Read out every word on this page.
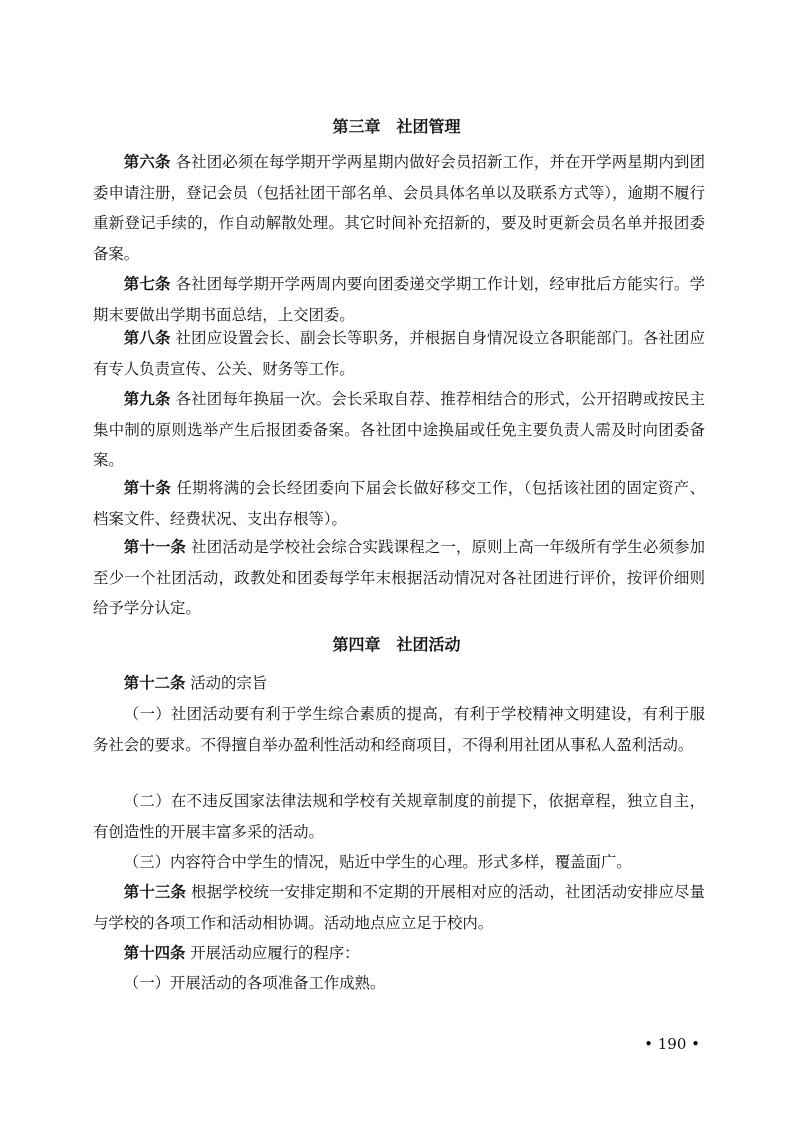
第三章　社团管理

第六条 各社团必须在每学期开学两星期内做好会员招新工作，并在开学两星期内到团委申请注册，登记会员（包括社团干部名单、会员具体名单以及联系方式等），逾期不履行重新登记手续的，作自动解散处理。其它时间补充招新的，要及时更新会员名单并报团委备案。

第七条 各社团每学期开学两周内要向团委递交学期工作计划，经审批后方能实行。学期末要做出学期书面总结，上交团委。

第八条 社团应设置会长、副会长等职务，并根据自身情况设立各职能部门。各社团应有专人负责宣传、公关、财务等工作。

第九条 各社团每年换届一次。会长采取自荐、推荐相结合的形式，公开招聘或按民主集中制的原则选举产生后报团委备案。各社团中途换届或任免主要负责人需及时向团委备案。

第十条 任期将满的会长经团委向下届会长做好移交工作，（包括该社团的固定资产、档案文件、经费状况、支出存根等）。

第十一条 社团活动是学校社会综合实践课程之一，原则上高一年级所有学生必须参加至少一个社团活动，政教处和团委每学年末根据活动情况对各社团进行评价，按评价细则给予学分认定。

第四章　社团活动

第十二条 活动的宗旨

（一）社团活动要有利于学生综合素质的提高，有利于学校精神文明建设，有利于服务社会的要求。不得擅自举办盈利性活动和经商项目，不得利用社团从事私人盈利活动。

（二）在不违反国家法律法规和学校有关规章制度的前提下，依据章程，独立自主，有创造性的开展丰富多采的活动。

（三）内容符合中学生的情况，贴近中学生的心理。形式多样，覆盖面广。

第十三条 根据学校统一安排定期和不定期的开展相对应的活动，社团活动安排应尽量与学校的各项工作和活动相协调。活动地点应立足于校内。

第十四条 开展活动应履行的程序：

（一）开展活动的各项准备工作成熟。

• 190 •
